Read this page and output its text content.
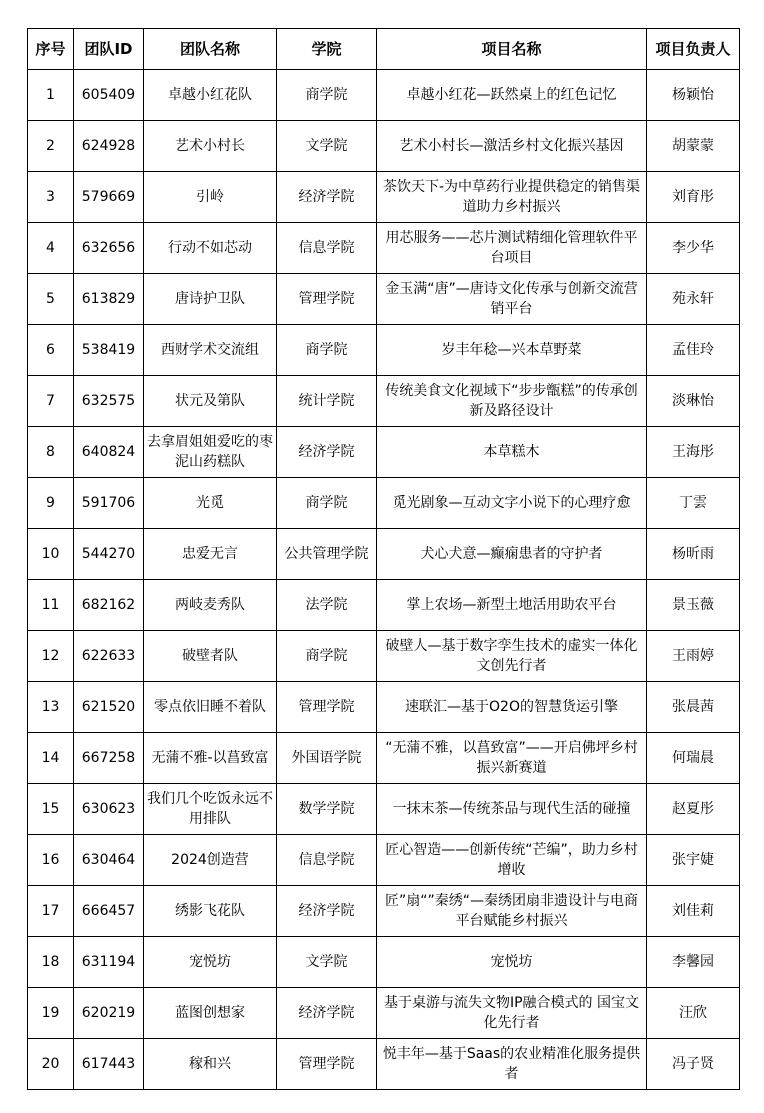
序号	团队ID	团队名称	学院	项目名称	项目负责人
1	605409	卓越小红花队	商学院	卓越小红花—跃然桌上的红色记忆	杨颖怡
2	624928	艺术小村长	文学院	艺术小村长—激活乡村文化振兴基因	胡蒙蒙
3	579669	引岭	经济学院	茶饮天下-为中草药行业提供稳定的销售渠道助力乡村振兴	刘育彤
4	632656	行动不如芯动	信息学院	用芯服务——芯片测试精细化管理软件平台项目	李少华
5	613829	唐诗护卫队	管理学院	金玉满“唐”—唐诗文化传承与创新交流营销平台	苑永轩
6	538419	西财学术交流组	商学院	岁丰年稔—兴本草野菜	孟佳玲
7	632575	状元及第队	统计学院	传统美食文化视域下“步步甑糕”的传承创新及路径设计	淡琳怡
8	640824	去拿眉姐姐爱吃的枣泥山药糕队	经济学院	本草糕木	王海彤
9	591706	光觅	商学院	觅光剧象—互动文字小说下的心理疗愈	丁雲
10	544270	忠爱无言	公共管理学院	犬心犬意—癫痫患者的守护者	杨昕雨
11	682162	两岐麦秀队	法学院	掌上农场—新型土地活用助农平台	景玉薇
12	622633	破壁者队	商学院	破壁人—基于数字孪生技术的虚实一体化文创先行者	王雨婷
13	621520	零点依旧睡不着队	管理学院	速联汇—基于O2O的智慧货运引擎	张晨茜
14	667258	无蒲不雅-以菖致富	外国语学院	“无蒲不雅，以菖致富”——开启佛坪乡村振兴新赛道	何瑞晨
15	630623	我们几个吃饭永远不用排队	数学学院	一抹末茶—传统茶品与现代生活的碰撞	赵夏彤
16	630464	2024创造营	信息学院	匠心智造——创新传统“芒编”，助力乡村增收	张宇婕
17	666457	绣影飞花队	经济学院	匠”扇“”秦绣“—秦绣团扇非遗设计与电商平台赋能乡村振兴	刘佳莉
18	631194	宠悦坊	文学院	宠悦坊	李馨园
19	620219	蓝图创想家	经济学院	基于桌游与流失文物IP融合模式的 国宝文化先行者	汪欣
20	617443	稼和兴	管理学院	悦丰年—基于Saas的农业精准化服务提供者	冯子贤
